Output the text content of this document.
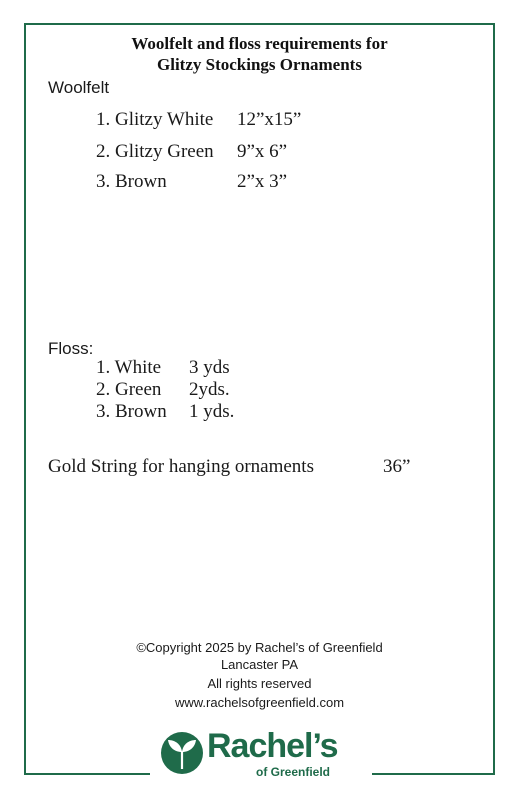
Woolfelt and floss requirements for
Glitzy Stockings Ornaments
Woolfelt
1. Glitzy White 12”x15”
2. Glitzy Green 9”x 6”
3. Brown	2”x 3”
Floss:
1. White 3 yds
2. Green 2yds.
3. Brown 1 yds.
Gold String for hanging ornaments	36”
©Copyright 2025 by Rachel’s of Greenfield
Lancaster PA
All rights reserved
www.rachelsofgreenfield.com
Rachel’s
of Greenfield
